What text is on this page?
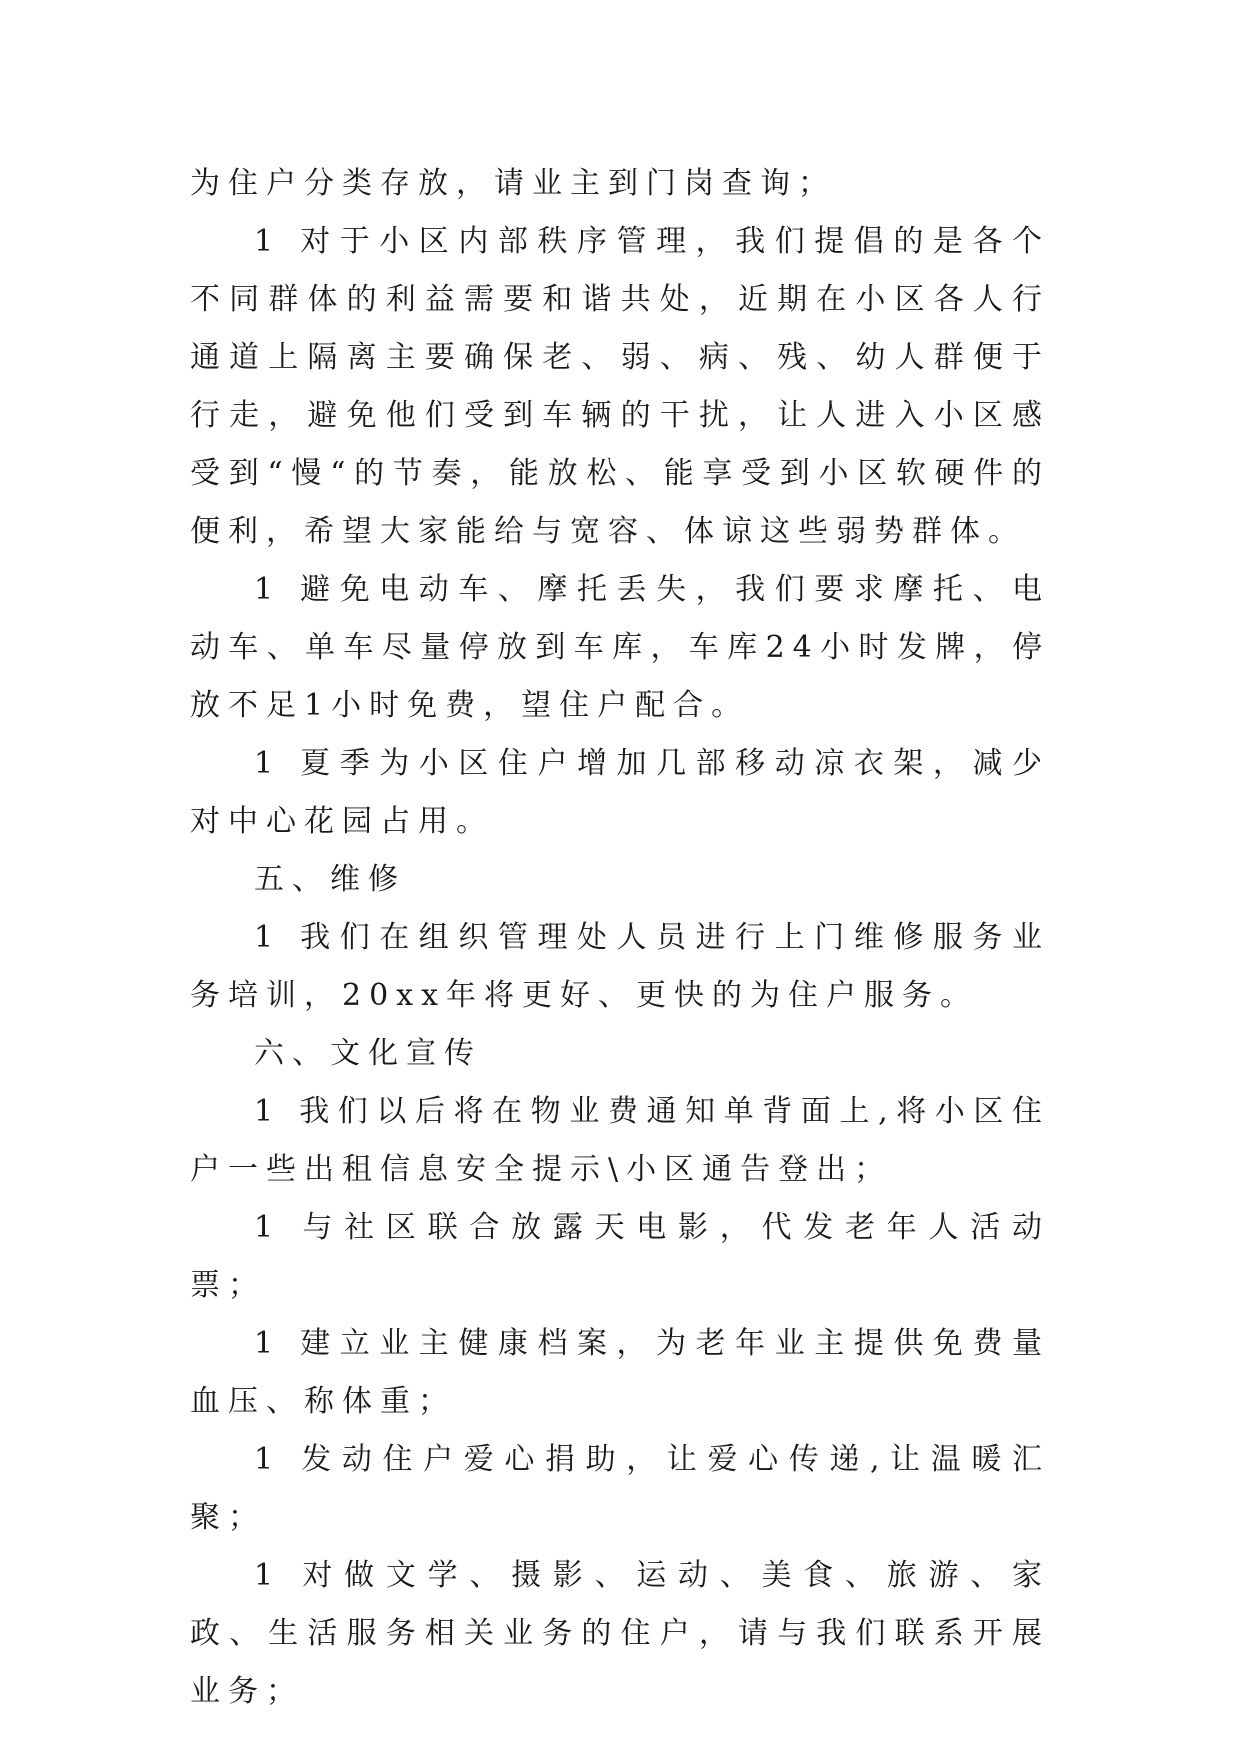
为住户分类存放，请业主到门岗查询；

1 对于小区内部秩序管理，我们提倡的是各个不同群体的利益需要和谐共处，近期在小区各人行通道上隔离主要确保老、弱、病、残、幼人群便于行走，避免他们受到车辆的干扰，让人进入小区感受到“慢“的节奏，能放松、能享受到小区软硬件的便利，希望大家能给与宽容、体谅这些弱势群体。

1 避免电动车、摩托丢失，我们要求摩托、电动车、单车尽量停放到车库，车库24小时发牌，停放不足1小时免费，望住户配合。

1 夏季为小区住户增加几部移动凉衣架，减少对中心花园占用。

五、维修

1 我们在组织管理处人员进行上门维修服务业务培训，20xx年将更好、更快的为住户服务。

六、文化宣传

1 我们以后将在物业费通知单背面上,将小区住户一些出租信息安全提示\小区通告登出；

1 与社区联合放露天电影，代发老年人活动票；

1 建立业主健康档案，为老年业主提供免费量血压、称体重；

1 发动住户爱心捐助，让爱心传递,让温暖汇聚；

1 对做文学、摄影、运动、美食、旅游、家政、生活服务相关业务的住户，请与我们联系开展业务；
